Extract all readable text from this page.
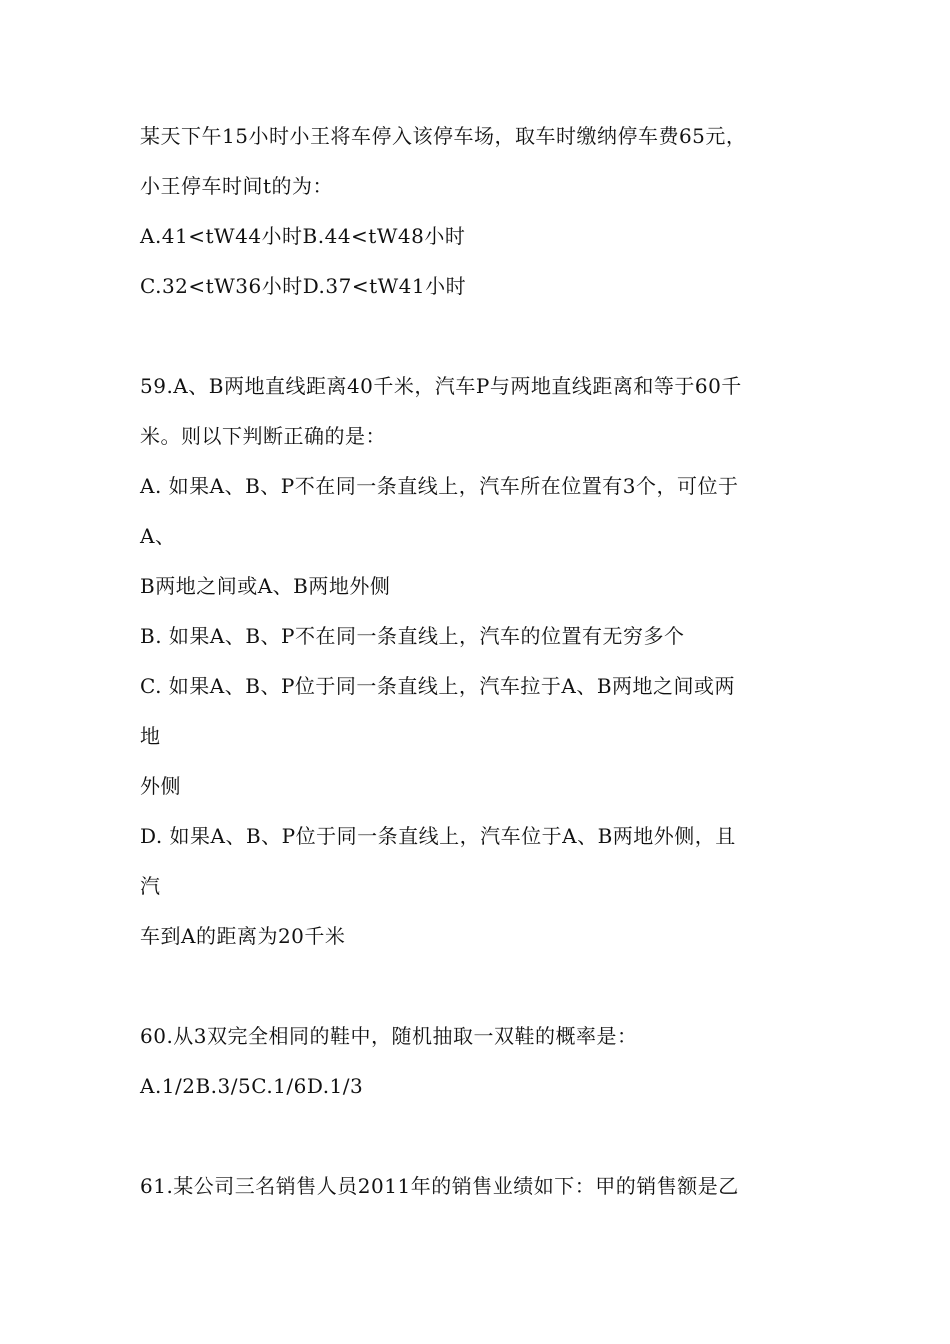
某天下午15小时小王将车停入该停车场，取车时缴纳停车费65元，
小王停车时间t的为：
A.41<tW44小时B.44<tW48小时
C.32<tW36小时D.37<tW41小时
59.A、B两地直线距离40千米，汽车P与两地直线距离和等于60千
米。则以下判断正确的是：
A. 如果A、B、P不在同一条直线上，汽车所在位置有3个，可位于
A、
B两地之间或A、B两地外侧
B. 如果A、B、P不在同一条直线上，汽车的位置有无穷多个
C. 如果A、B、P位于同一条直线上，汽车拉于A、B两地之间或两
地
外侧
D. 如果A、B、P位于同一条直线上，汽车位于A、B两地外侧，且
汽
车到A的距离为20千米
60.从3双完全相同的鞋中，随机抽取一双鞋的概率是：
A.1/2B.3/5C.1/6D.1/3
61.某公司三名销售人员2011年的销售业绩如下：甲的销售额是乙
